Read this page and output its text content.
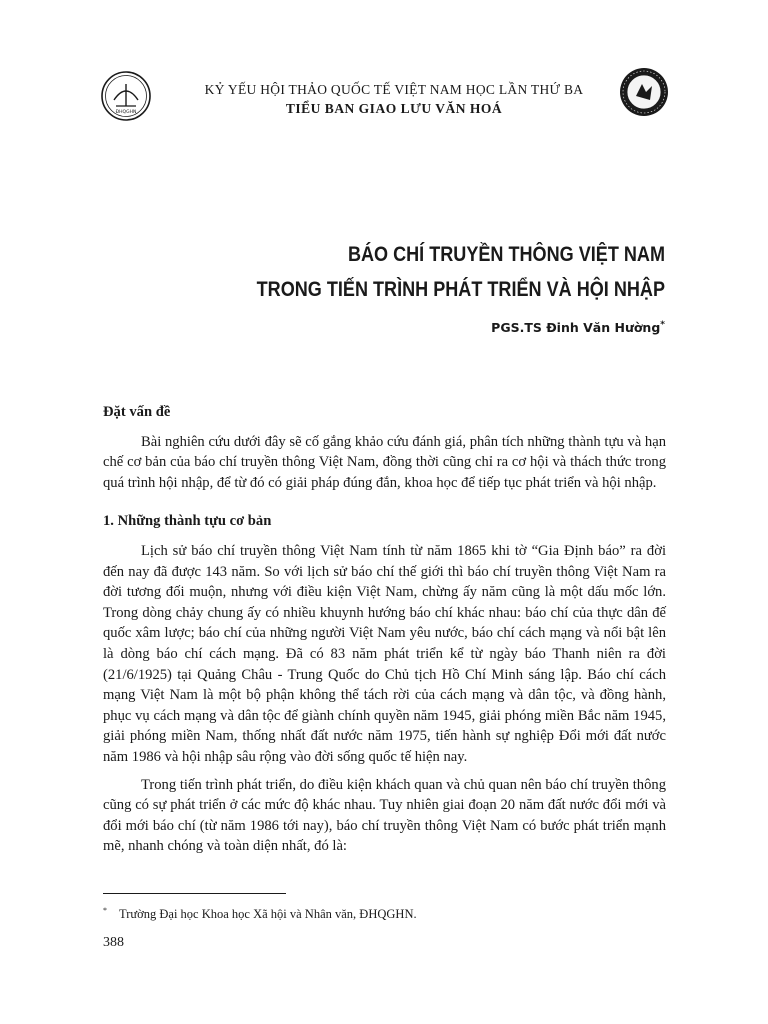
ĐHQGHN
KỶ YẾU HỘI THẢO QUỐC TẾ VIỆT NAM HỌC LẦN THỨ BA
TIỂU BAN GIAO LƯU VĂN HOÁ
BÁO CHÍ TRUYỀN THÔNG VIỆT NAM
TRONG TIẾN TRÌNH PHÁT TRIỂN VÀ HỘI NHẬP
PGS.TS Đinh Văn Hường*
Đặt vấn đề

Bài nghiên cứu dưới đây sẽ cố gắng khảo cứu đánh giá, phân tích những thành tựu và hạn chế cơ bản của báo chí truyền thông Việt Nam, đồng thời cũng chỉ ra cơ hội và thách thức trong quá trình hội nhập, để từ đó có giải pháp đúng đắn, khoa học để tiếp tục phát triển và hội nhập.

1. Những thành tựu cơ bản

Lịch sử báo chí truyền thông Việt Nam tính từ năm 1865 khi tờ “Gia Định báo” ra đời đến nay đã được 143 năm. So với lịch sử báo chí thế giới thì báo chí truyền thông Việt Nam ra đời tương đối muộn, nhưng với điều kiện Việt Nam, chừng ấy năm cũng là một dấu mốc lớn. Trong dòng chảy chung ấy có nhiều khuynh hướng báo chí khác nhau: báo chí của thực dân đế quốc xâm lược; báo chí của những người Việt Nam yêu nước, báo chí cách mạng và nổi bật lên là dòng báo chí cách mạng. Đã có 83 năm phát triển kể từ ngày báo Thanh niên ra đời (21/6/1925) tại Quảng Châu - Trung Quốc do Chủ tịch Hồ Chí Minh sáng lập. Báo chí cách mạng Việt Nam là một bộ phận không thể tách rời của cách mạng và dân tộc, và đồng hành, phục vụ cách mạng và dân tộc để giành chính quyền năm 1945, giải phóng miền Bắc năm 1945, giải phóng miền Nam, thống nhất đất nước năm 1975, tiến hành sự nghiệp Đổi mới đất nước năm 1986 và hội nhập sâu rộng vào đời sống quốc tế hiện nay.

Trong tiến trình phát triển, do điều kiện khách quan và chủ quan nên báo chí truyền thông cũng có sự phát triển ở các mức độ khác nhau. Tuy nhiên giai đoạn 20 năm đất nước đổi mới và đổi mới báo chí (từ năm 1986 tới nay), báo chí truyền thông Việt Nam có bước phát triển mạnh mẽ, nhanh chóng và toàn diện nhất, đó là:

* Trường Đại học Khoa học Xã hội và Nhân văn, ĐHQGHN.
388
